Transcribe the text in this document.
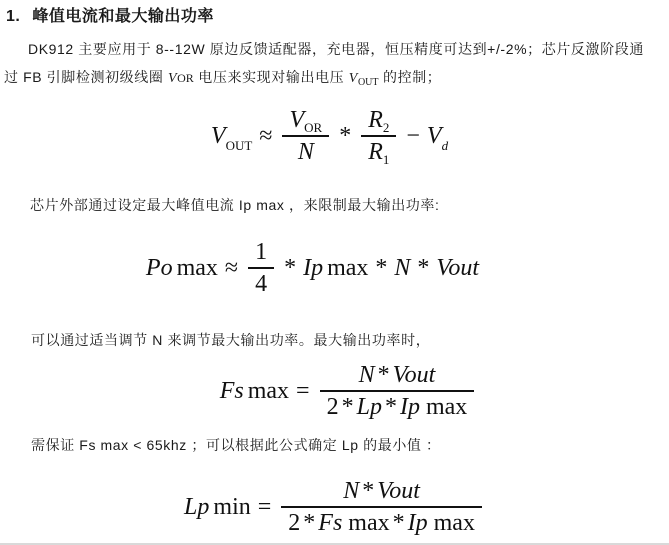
1. 峰值电流和最大输出功率
DK912 主要应用于 8--12W 原边反馈适配器，充电器，恒压精度可达到+/-2%；芯片反激阶段通
过 FB 引脚检测初级线圈 VOR 电压来实现对输出电压 $V_{OUT}$ 的控制；
V OUT ≈ $\frac{\text{V OR}}{N} * \frac{R 2}{R 1} - V$ d
芯片外部通过设定最大峰值电流 Ip max ，来限制最大输出功率:
Po $\max \approx \frac{1}{4} * Ip$ max * N * Vout
可以通过适当调节 N 来调节最大输出功率。最大输出功率时，
Fs max = N * Vout
2 * Lp * Ip
max
需保证 Fs max < 65khz ；可以根据此公式确定 Lp 的最小值 ：
Lp min = N * Vout
2 * Fs
max * Ip
max
